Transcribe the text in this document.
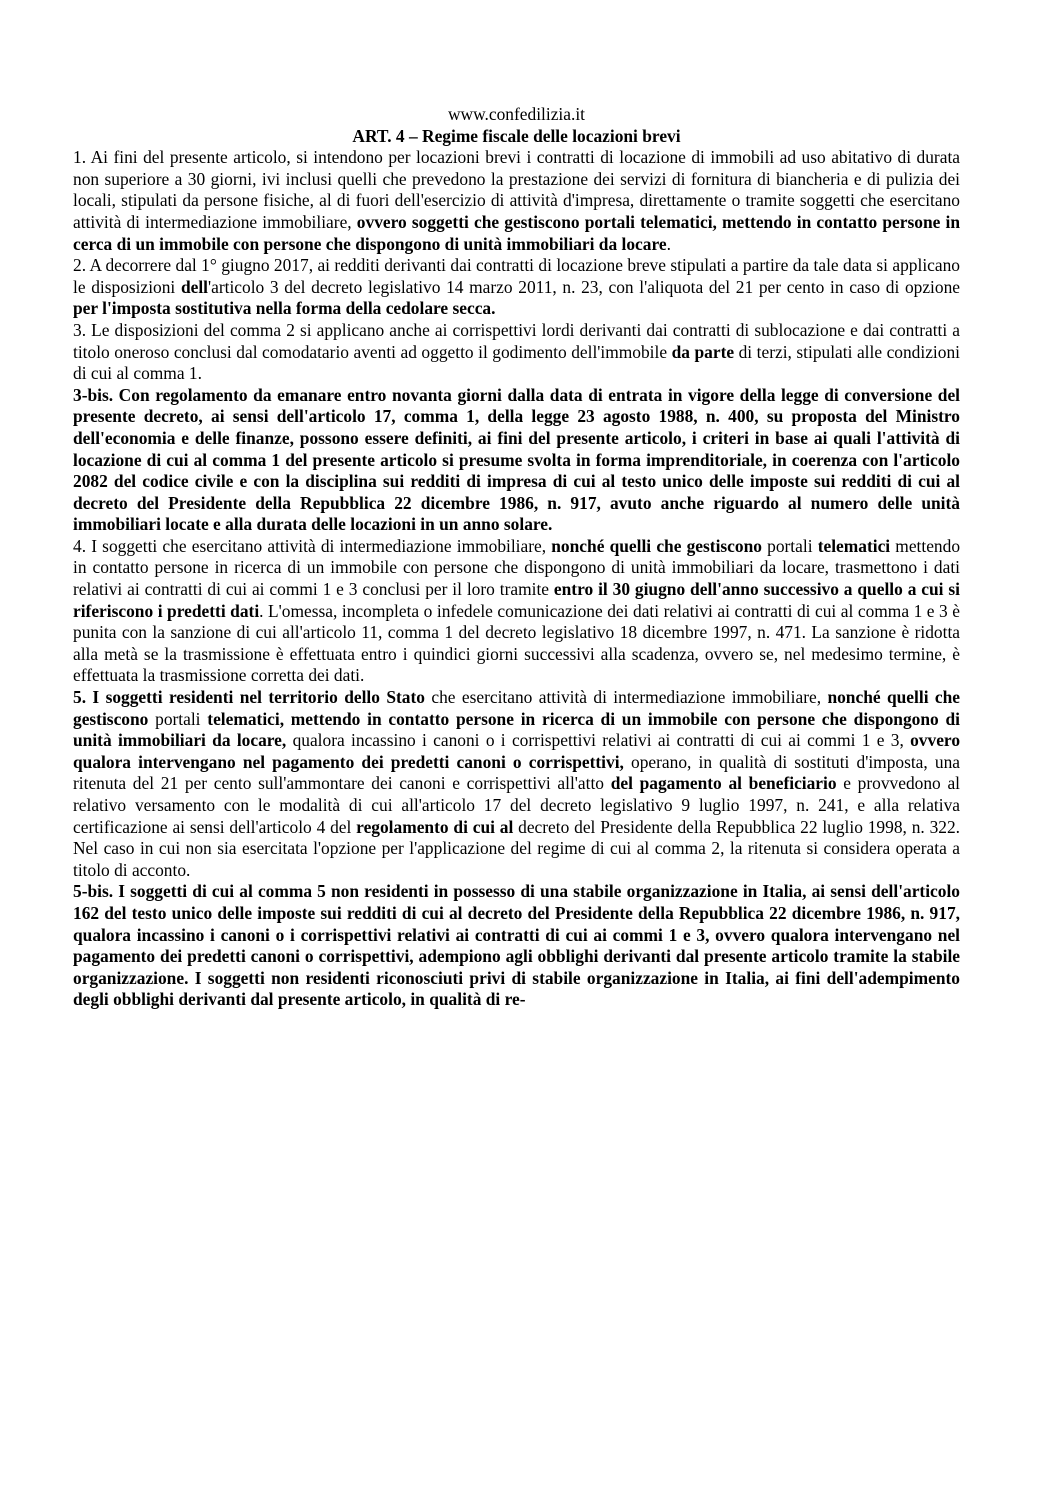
www.confedilizia.it

ART. 4 – Regime fiscale delle locazioni brevi

1. Ai fini del presente articolo, si intendono per locazioni brevi i contratti di locazione di immobili ad uso abitativo di durata non superiore a 30 giorni, ivi inclusi quelli che prevedono la prestazione dei servizi di fornitura di biancheria e di pulizia dei locali, stipulati da persone fisiche, al di fuori dell'esercizio di attività d'impresa, direttamente o tramite soggetti che esercitano attività di intermediazione immobiliare, ovvero soggetti che gestiscono portali telematici, mettendo in contatto persone in cerca di un immobile con persone che dispongono di unità immobiliari da locare.

2. A decorrere dal 1° giugno 2017, ai redditi derivanti dai contratti di locazione breve stipulati a partire da tale data si applicano le disposizioni dell'articolo 3 del decreto legislativo 14 marzo 2011, n. 23, con l'aliquota del 21 per cento in caso di opzione per l'imposta sostitutiva nella forma della cedolare secca.

3. Le disposizioni del comma 2 si applicano anche ai corrispettivi lordi derivanti dai contratti di sublocazione e dai contratti a titolo oneroso conclusi dal comodatario aventi ad oggetto il godimento dell'immobile da parte di terzi, stipulati alle condizioni di cui al comma 1.

3-bis. Con regolamento da emanare entro novanta giorni dalla data di entrata in vigore della legge di conversione del presente decreto, ai sensi dell'articolo 17, comma 1, della legge 23 agosto 1988, n. 400, su proposta del Ministro dell'economia e delle finanze, possono essere definiti, ai fini del presente articolo, i criteri in base ai quali l'attività di locazione di cui al comma 1 del presente articolo si presume svolta in forma imprenditoriale, in coerenza con l'articolo 2082 del codice civile e con la disciplina sui redditi di impresa di cui al testo unico delle imposte sui redditi di cui al decreto del Presidente della Repubblica 22 dicembre 1986, n. 917, avuto anche riguardo al numero delle unità immobiliari locate e alla durata delle locazioni in un anno solare.

4. I soggetti che esercitano attività di intermediazione immobiliare, nonché quelli che gestiscono portali telematici mettendo in contatto persone in ricerca di un immobile con persone che dispongono di unità immobiliari da locare, trasmettono i dati relativi ai contratti di cui ai commi 1 e 3 conclusi per il loro tramite entro il 30 giugno dell'anno successivo a quello a cui si riferiscono i predetti dati. L'omessa, incompleta o infedele comunicazione dei dati relativi ai contratti di cui al comma 1 e 3 è punita con la sanzione di cui all'articolo 11, comma 1 del decreto legislativo 18 dicembre 1997, n. 471. La sanzione è ridotta alla metà se la trasmissione è effettuata entro i quindici giorni successivi alla scadenza, ovvero se, nel medesimo termine, è effettuata la trasmissione corretta dei dati.

5. I soggetti residenti nel territorio dello Stato che esercitano attività di intermediazione immobiliare, nonché quelli che gestiscono portali telematici, mettendo in contatto persone in ricerca di un immobile con persone che dispongono di unità immobiliari da locare, qualora incassino i canoni o i corrispettivi relativi ai contratti di cui ai commi 1 e 3, ovvero qualora intervengano nel pagamento dei predetti canoni o corrispettivi, operano, in qualità di sostituti d'imposta, una ritenuta del 21 per cento sull'ammontare dei canoni e corrispettivi all'atto del pagamento al beneficiario e provvedono al relativo versamento con le modalità di cui all'articolo 17 del decreto legislativo 9 luglio 1997, n. 241, e alla relativa certificazione ai sensi dell'articolo 4 del regolamento di cui al decreto del Presidente della Repubblica 22 luglio 1998, n. 322. Nel caso in cui non sia esercitata l'opzione per l'applicazione del regime di cui al comma 2, la ritenuta si considera operata a titolo di acconto.

5-bis. I soggetti di cui al comma 5 non residenti in possesso di una stabile organizzazione in Italia, ai sensi dell'articolo 162 del testo unico delle imposte sui redditi di cui al decreto del Presidente della Repubblica 22 dicembre 1986, n. 917, qualora incassino i canoni o i corrispettivi relativi ai contratti di cui ai commi 1 e 3, ovvero qualora intervengano nel pagamento dei predetti canoni o corrispettivi, adempiono agli obblighi derivanti dal presente articolo tramite la stabile organizzazione. I soggetti non residenti riconosciuti privi di stabile organizzazione in Italia, ai fini dell'adempimento degli obblighi derivanti dal presente articolo, in qualità di re-
